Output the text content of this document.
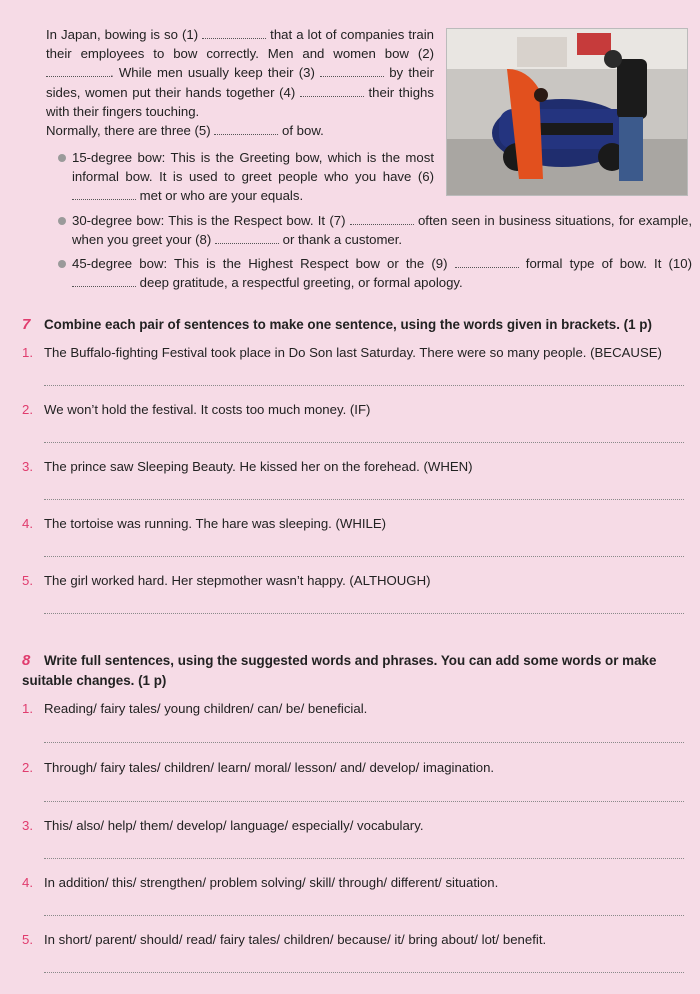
In Japan, bowing is so (1)	that a lot of companies train their employees to bow correctly. Men and women bow (2) . While men usually keep their (3)	by their sides, women put their hands together (4)	their thighs with their fingers touching.

Normally, there are three (5)	of bow.

15-degree bow: This is the Greeting bow, which is the most informal bow. It is used to greet people who you have (6)  met or who are your equals.
30-degree bow: This is the Respect bow. It (7)	often seen in business situations, for example, when you greet your (8)	or thank a customer.
45-degree bow: This is the Highest Respect bow or the (9)	formal type of bow. It (10)  deep gratitude, a respectful greeting, or formal apology.
7 Combine each pair of sentences to make one sentence, using the words given in brackets. (1 p)
1. The Buffalo-fighting Festival took place in Do Son last Saturday. There were so many people. (BECAUSE)
2. We won’t hold the festival. It costs too much money. (IF)
3. The prince saw Sleeping Beauty. He kissed her on the forehead. (WHEN)
4. The tortoise was running. The hare was sleeping. (WHILE)
5. The girl worked hard. Her stepmother wasn’t happy. (ALTHOUGH)
8 Write full sentences, using the suggested words and phrases. You can add some words or make suitable changes. (1 p)
1. Reading/ fairy tales/ young children/ can/ be/ beneficial.
2. Through/ fairy tales/ children/ learn/ moral/ lesson/ and/ develop/ imagination.
3. This/ also/ help/ them/ develop/ language/ especially/ vocabulary.
4. In addition/ this/ strengthen/ problem solving/ skill/ through/ different/ situation.
5. In short/ parent/ should/ read/ fairy tales/ children/ because/ it/ bring about/ lot/ benefit.
